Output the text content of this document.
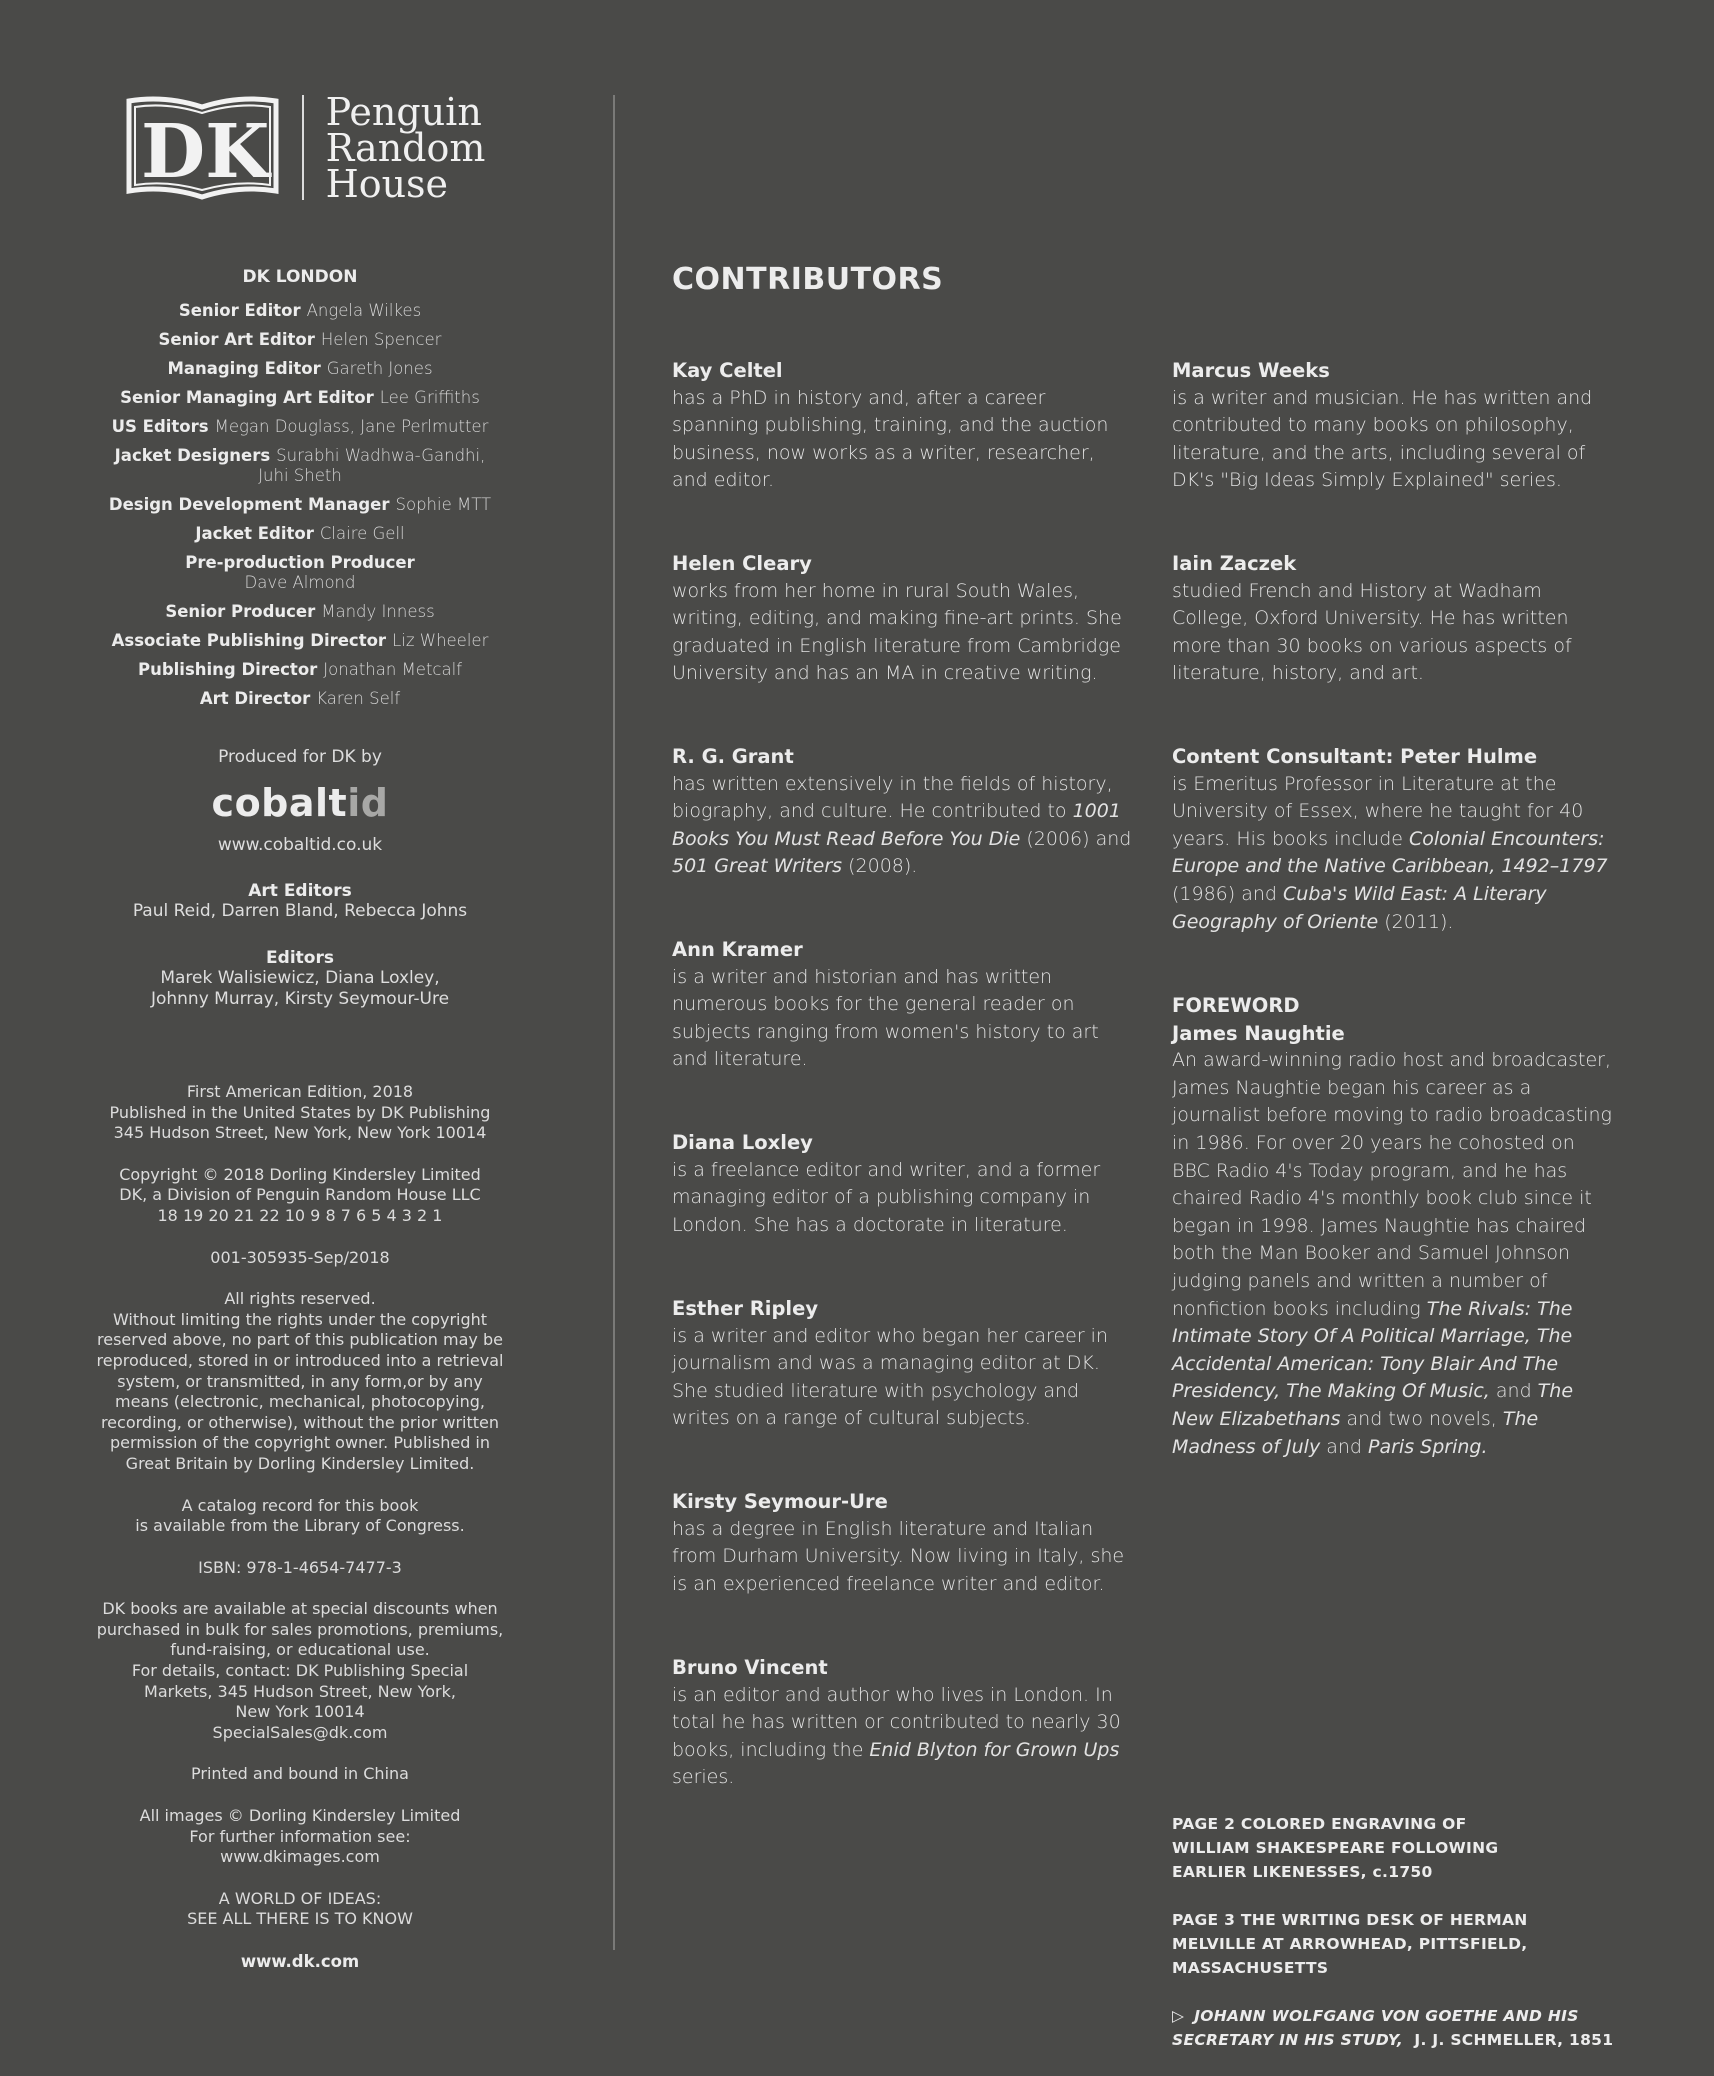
DK Penguin
Random
House
DK LONDON
Senior Editor Angela Wilkes
Senior Art Editor Helen Spencer
Managing Editor Gareth Jones
Senior Managing Art Editor Lee Griffiths
US Editors Megan Douglass, Jane Perlmutter
Jacket Designers Surabhi Wadhwa-Gandhi,
Juhi Sheth
Design Development Manager Sophie MTT
Jacket Editor Claire Gell
Pre-production Producer

Dave Almond
Senior Producer Mandy Inness
Associate Publishing Director Liz Wheeler
Publishing Director Jonathan Metcalf
Art Director Karen Self
Produced for DK by
cobaltid
www.cobaltid.co.uk
Art Editors
Paul Reid, Darren Bland, Rebecca Johns
Editors
Marek Walisiewicz, Diana Loxley,
Johnny Murray, Kirsty Seymour-Ure
First American Edition, 2018
Published in the United States by DK Publishing
345 Hudson Street, New York, New York 10014
Copyright © 2018 Dorling Kindersley Limited
DK, a Division of Penguin Random House LLC
18 19 20 21 22 10 9 8 7 6 5 4 3 2 1
001-305935-Sep/2018
All rights reserved.
Without limiting the rights under the copyright
reserved above, no part of this publication may be
reproduced, stored in or introduced into a retrieval
system, or transmitted, in any form,or by any
means (electronic, mechanical, photocopying,
recording, or otherwise), without the prior written
permission of the copyright owner. Published in
Great Britain by Dorling Kindersley Limited.
A catalog record for this book
is available from the Library of Congress.
ISBN: 978-1-4654-7477-3
DK books are available at special discounts when
purchased in bulk for sales promotions, premiums,
fund-raising, or educational use.
For details, contact: DK Publishing Special
Markets, 345 Hudson Street, New York,
New York 10014
SpecialSales@dk.com
Printed and bound in China
All images © Dorling Kindersley Limited
For further information see:
www.dkimages.com
A WORLD OF IDEAS:
SEE ALL THERE IS TO KNOW
www.dk.com
CONTRIBUTORS
Kay Celtel
has a PhD in history and, after a career spanning publishing, training, and the auction business, now works as a writer, researcher, and editor.
Helen Cleary
works from her home in rural South Wales, writing, editing, and making fine-art prints. She graduated in English literature from Cambridge University and has an MA in creative writing.
R. G. Grant
has written extensively in the fields of history, biography, and culture. He contributed to 1001 Books You Must Read Before You Die (2006) and 501 Great Writers (2008).
Ann Kramer
is a writer and historian and has written numerous books for the general reader on subjects ranging from women's history to art and literature.
Diana Loxley
is a freelance editor and writer, and a former managing editor of a publishing company in London. She has a doctorate in literature.
Esther Ripley
is a writer and editor who began her career in journalism and was a managing editor at DK. She studied literature with psychology and writes on a range of cultural subjects.
Kirsty Seymour-Ure
has a degree in English literature and Italian from Durham University. Now living in Italy, she is an experienced freelance writer and editor.
Bruno Vincent
is an editor and author who lives in London. In total he has written or contributed to nearly 30 books, including the Enid Blyton for Grown Ups series.
Marcus Weeks
is a writer and musician. He has written and contributed to many books on philosophy, literature, and the arts, including several of DK's "Big Ideas Simply Explained" series.
Iain Zaczek
studied French and History at Wadham College, Oxford University. He has written more than 30 books on various aspects of literature, history, and art.
Content Consultant: Peter Hulme
is Emeritus Professor in Literature at the University of Essex, where he taught for 40 years. His books include Colonial Encounters: Europe and the Native Caribbean, 1492–1797 (1986) and Cuba's Wild East: A Literary Geography of Oriente (2011).
FOREWORD
James Naughtie
An award-winning radio host and broadcaster, James Naughtie began his career as a journalist before moving to radio broadcasting in 1986. For over 20 years he cohosted on BBC Radio 4's Today program, and he has chaired Radio 4's monthly book club since it began in 1998. James Naughtie has chaired both the Man Booker and Samuel Johnson judging panels and written a number of nonfiction books including The Rivals: The Intimate Story Of A Political Marriage, The Accidental American: Tony Blair And The Presidency, The Making Of Music, and The New Elizabethans and two novels, The Madness of July and Paris Spring.
PAGE 2 COLORED ENGRAVING OF
WILLIAM SHAKESPEARE FOLLOWING
EARLIER LIKENESSES, c.1750
PAGE 3 THE WRITING DESK OF HERMAN
MELVILLE AT ARROWHEAD, PITTSFIELD,
MASSACHUSETTS
▷ JOHANN WOLFGANG VON GOETHE AND HIS SECRETARY IN HIS STUDY, J. J. SCHMELLER, 1851
